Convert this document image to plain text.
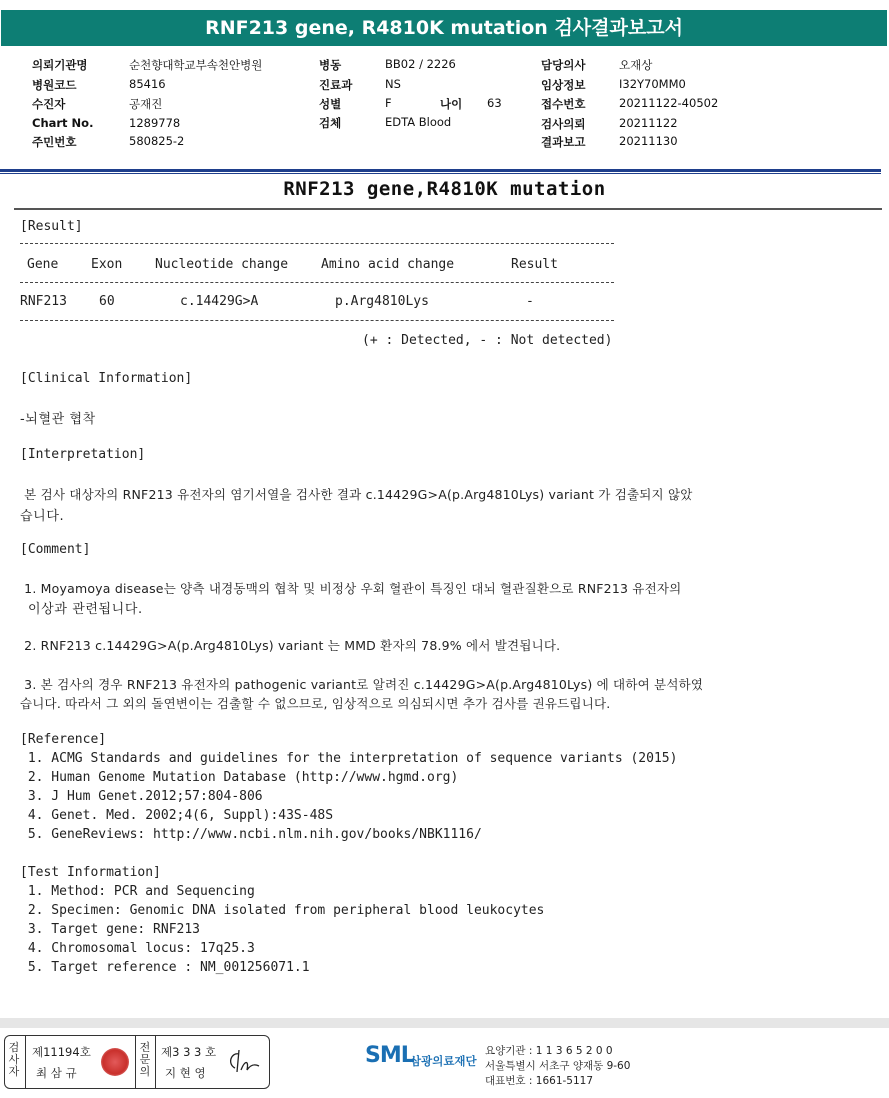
RNF213 gene, R4810K mutation 검사결과보고서
의뢰기관명	순천향대학교부속천안병원
병원코드	85416
수진자	공재진
Chart No.	1289778
주민번호	580825-2
병동	BB02 / 2226
진료과	NS
성별	F	나이 63
검체	EDTA Blood
담당의사	오재상
임상정보	I32Y70MM0
접수번호	20211122-40502
검사의뢰	20211122
결과보고	20211130
RNF213 gene,R4810K mutation
[Result]
Gene	Exon	Nucleotide change	Amino acid change	Result
RNF213 60	c.14429G>A	p.Arg4810Lys	-
(+ : Detected, - : Not detected)
[Clinical Information]
-뇌혈관 협착
[Interpretation]
본 검사 대상자의 RNF213 유전자의 염기서열을 검사한 결과 c.14429G>A(p.Arg4810Lys) variant 가 검출되지 않았
습니다.
[Comment]
1. Moyamoya disease는 양측 내경동맥의 협착 및 비정상 우회 혈관이 특징인 대뇌 혈관질환으로 RNF213 유전자의
이상과 관련됩니다.
2. RNF213 c.14429G>A(p.Arg4810Lys) variant 는 MMD 환자의 78.9% 에서 발견됩니다.
3. 본 검사의 경우 RNF213 유전자의 pathogenic variant로 알려진 c.14429G>A(p.Arg4810Lys) 에 대하여 분석하였
습니다. 따라서 그 외의 돌연변이는 검출할 수 없으므로, 임상적으로 의심되시면 추가 검사를 권유드립니다.
[Reference]
1. ACMG Standards and guidelines for the interpretation of sequence variants (2015)
2. Human Genome Mutation Database (http://www.hgmd.org)
3. J Hum Genet.2012;57:804-806
4. Genet. Med. 2002;4(6, Suppl):43S-48S
5. GeneReviews: http://www.ncbi.nlm.nih.gov/books/NBK1116/
[Test Information]
1. Method: PCR and Sequencing
2. Specimen: Genomic DNA isolated from peripheral blood leukocytes
3. Target gene: RNF213
4. Chromosomal locus: 17q25.3
5. Target reference : NM_001256071.1
검사자
제11194호
최 삼 규
전문의
제3 3 3 호
지 현 영
SML
삼광의료재단
요양기관 : 1 1 3 6 5 2 0 0
서울특별시 서초구 양재동 9-60
대표번호 : 1661-5117
